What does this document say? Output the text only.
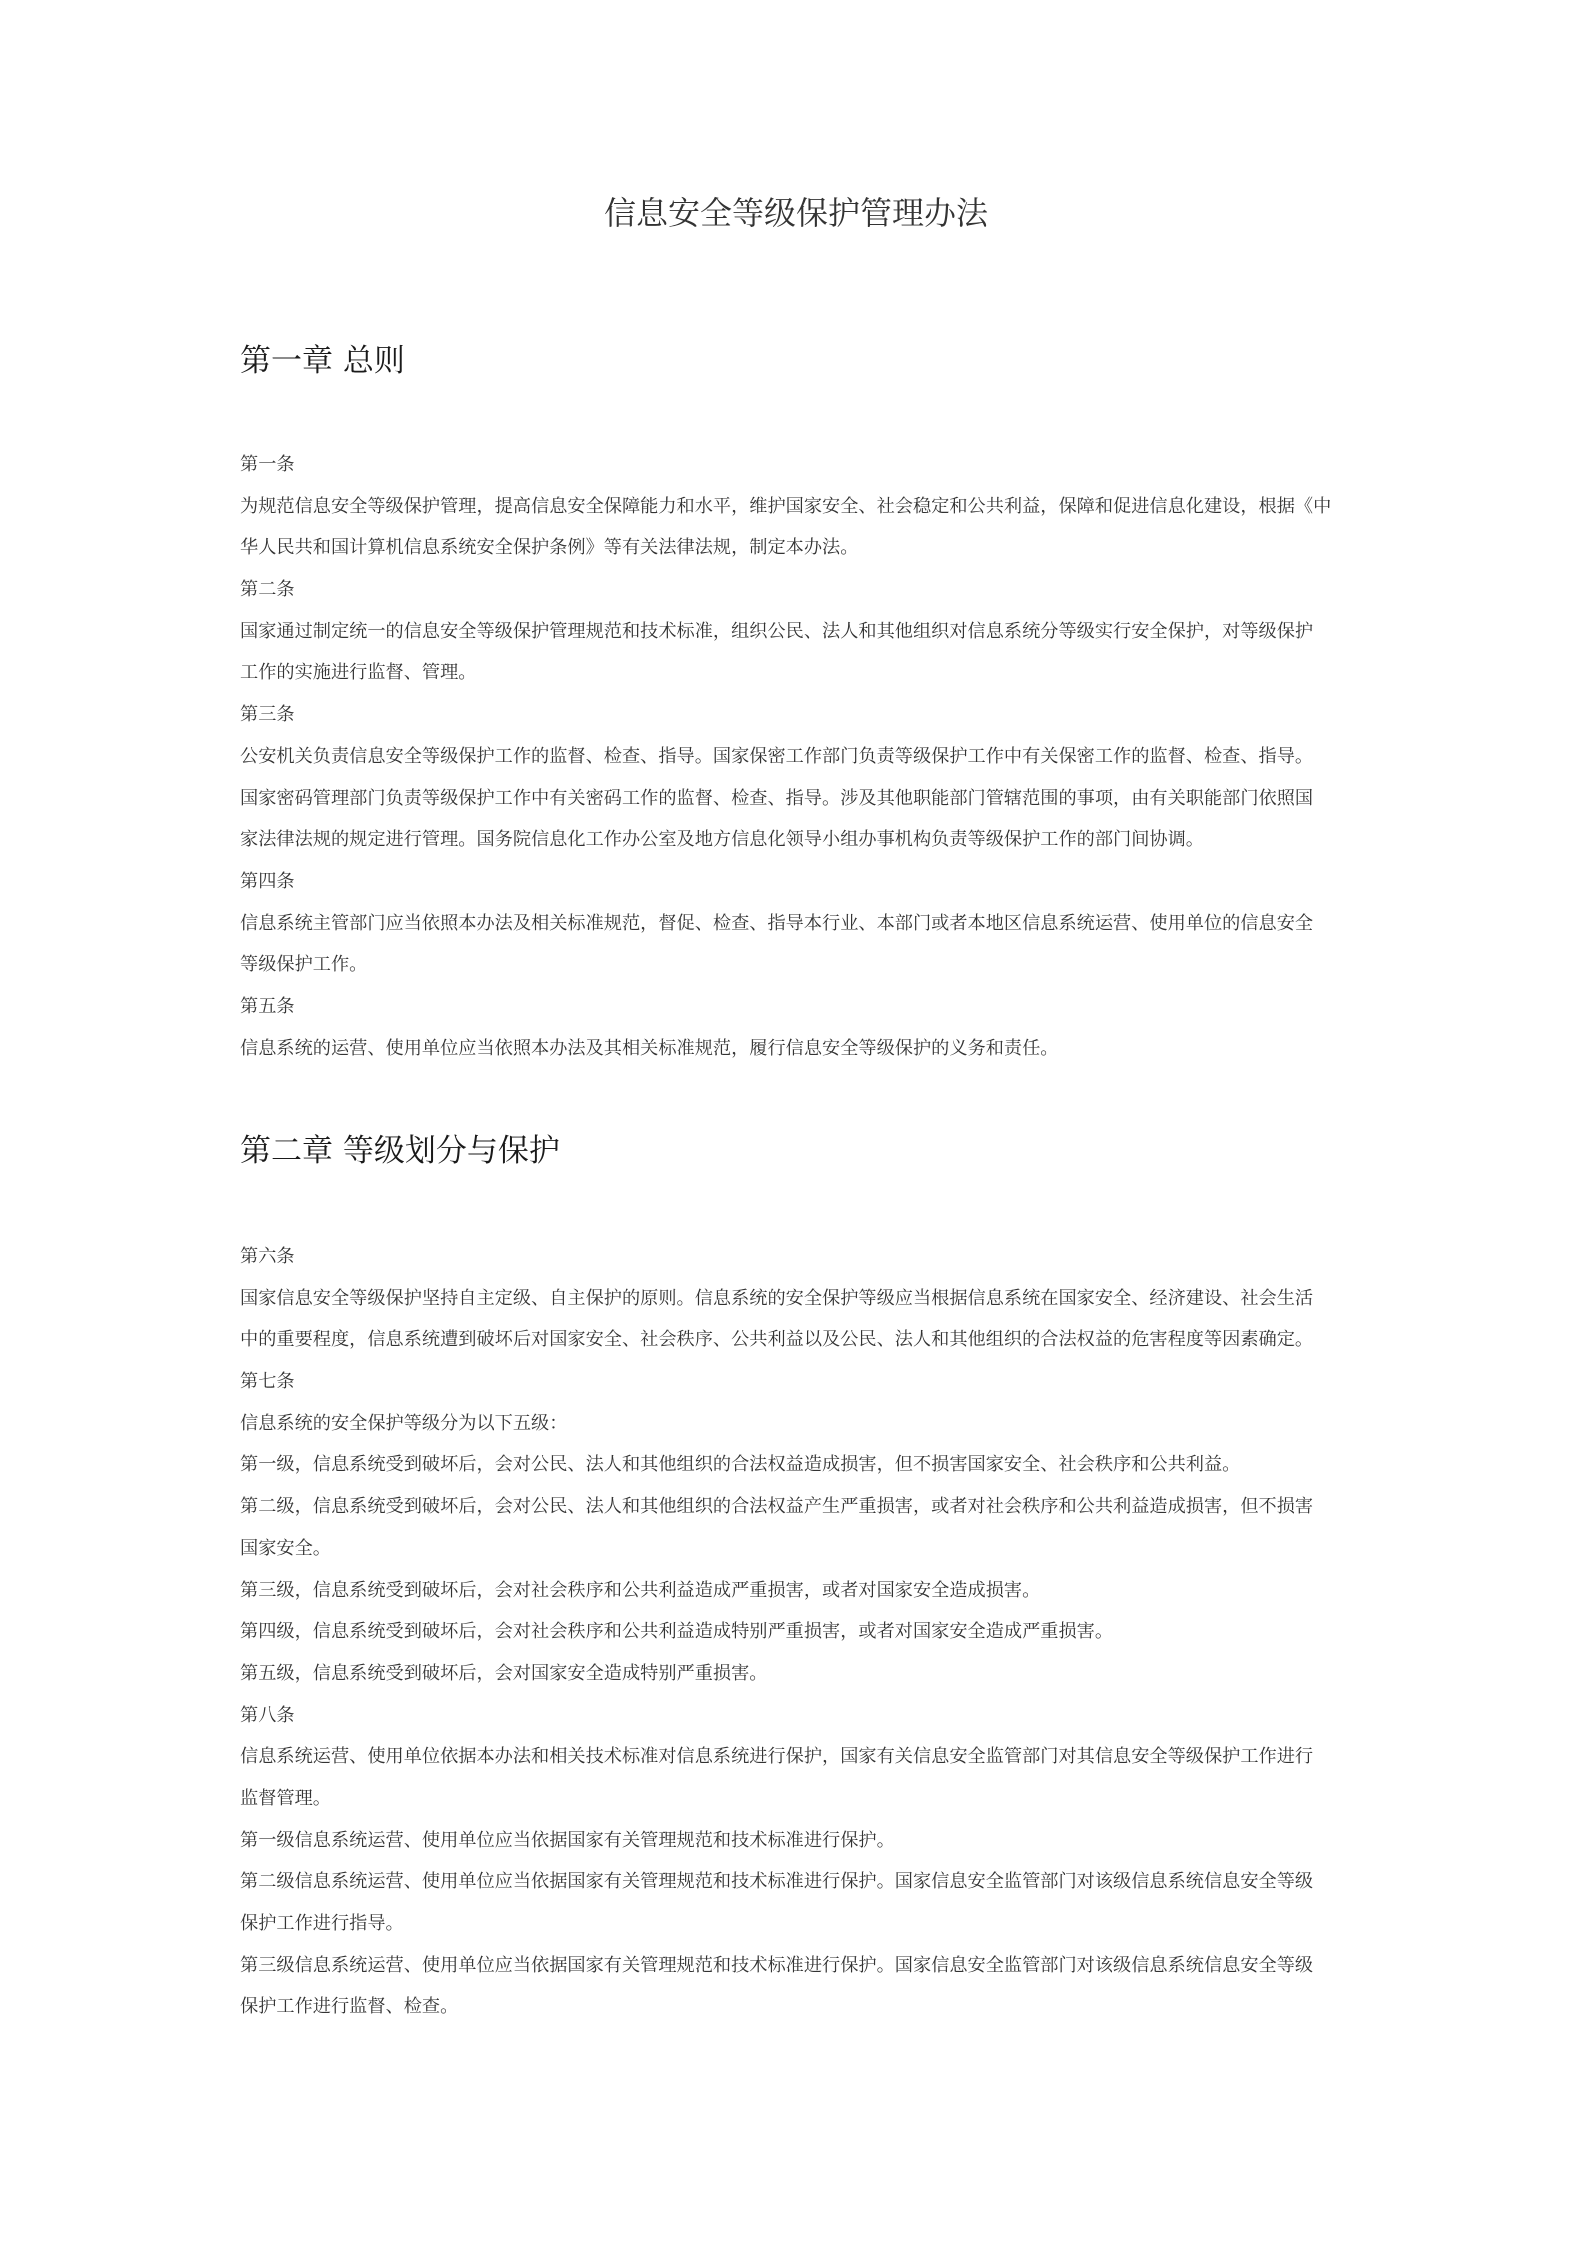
信息安全等级保护管理办法
第一章 总则

第一条

为规范信息安全等级保护管理，提高信息安全保障能力和水平，维护国家安全、社会稳定和公共利益，保障和促进信息化建设，根据《中

华人民共和国计算机信息系统安全保护条例》等有关法律法规，制定本办法。

第二条

国家通过制定统一的信息安全等级保护管理规范和技术标准，组织公民、法人和其他组织对信息系统分等级实行安全保护，对等级保护

工作的实施进行监督、管理。

第三条

公安机关负责信息安全等级保护工作的监督、检查、指导。国家保密工作部门负责等级保护工作中有关保密工作的监督、检查、指导。

国家密码管理部门负责等级保护工作中有关密码工作的监督、检查、指导。涉及其他职能部门管辖范围的事项，由有关职能部门依照国

家法律法规的规定进行管理。国务院信息化工作办公室及地方信息化领导小组办事机构负责等级保护工作的部门间协调。

第四条

信息系统主管部门应当依照本办法及相关标准规范，督促、检查、指导本行业、本部门或者本地区信息系统运营、使用单位的信息安全

等级保护工作。

第五条

信息系统的运营、使用单位应当依照本办法及其相关标准规范，履行信息安全等级保护的义务和责任。

第二章 等级划分与保护

第六条

国家信息安全等级保护坚持自主定级、自主保护的原则。信息系统的安全保护等级应当根据信息系统在国家安全、经济建设、社会生活

中的重要程度，信息系统遭到破坏后对国家安全、社会秩序、公共利益以及公民、法人和其他组织的合法权益的危害程度等因素确定。

第七条

信息系统的安全保护等级分为以下五级：

第一级，信息系统受到破坏后，会对公民、法人和其他组织的合法权益造成损害，但不损害国家安全、社会秩序和公共利益。

第二级，信息系统受到破坏后，会对公民、法人和其他组织的合法权益产生严重损害，或者对社会秩序和公共利益造成损害，但不损害

国家安全。

第三级，信息系统受到破坏后，会对社会秩序和公共利益造成严重损害，或者对国家安全造成损害。

第四级，信息系统受到破坏后，会对社会秩序和公共利益造成特别严重损害，或者对国家安全造成严重损害。

第五级，信息系统受到破坏后，会对国家安全造成特别严重损害。

第八条

信息系统运营、使用单位依据本办法和相关技术标准对信息系统进行保护，国家有关信息安全监管部门对其信息安全等级保护工作进行

监督管理。

第一级信息系统运营、使用单位应当依据国家有关管理规范和技术标准进行保护。

第二级信息系统运营、使用单位应当依据国家有关管理规范和技术标准进行保护。国家信息安全监管部门对该级信息系统信息安全等级

保护工作进行指导。

第三级信息系统运营、使用单位应当依据国家有关管理规范和技术标准进行保护。国家信息安全监管部门对该级信息系统信息安全等级

保护工作进行监督、检查。
